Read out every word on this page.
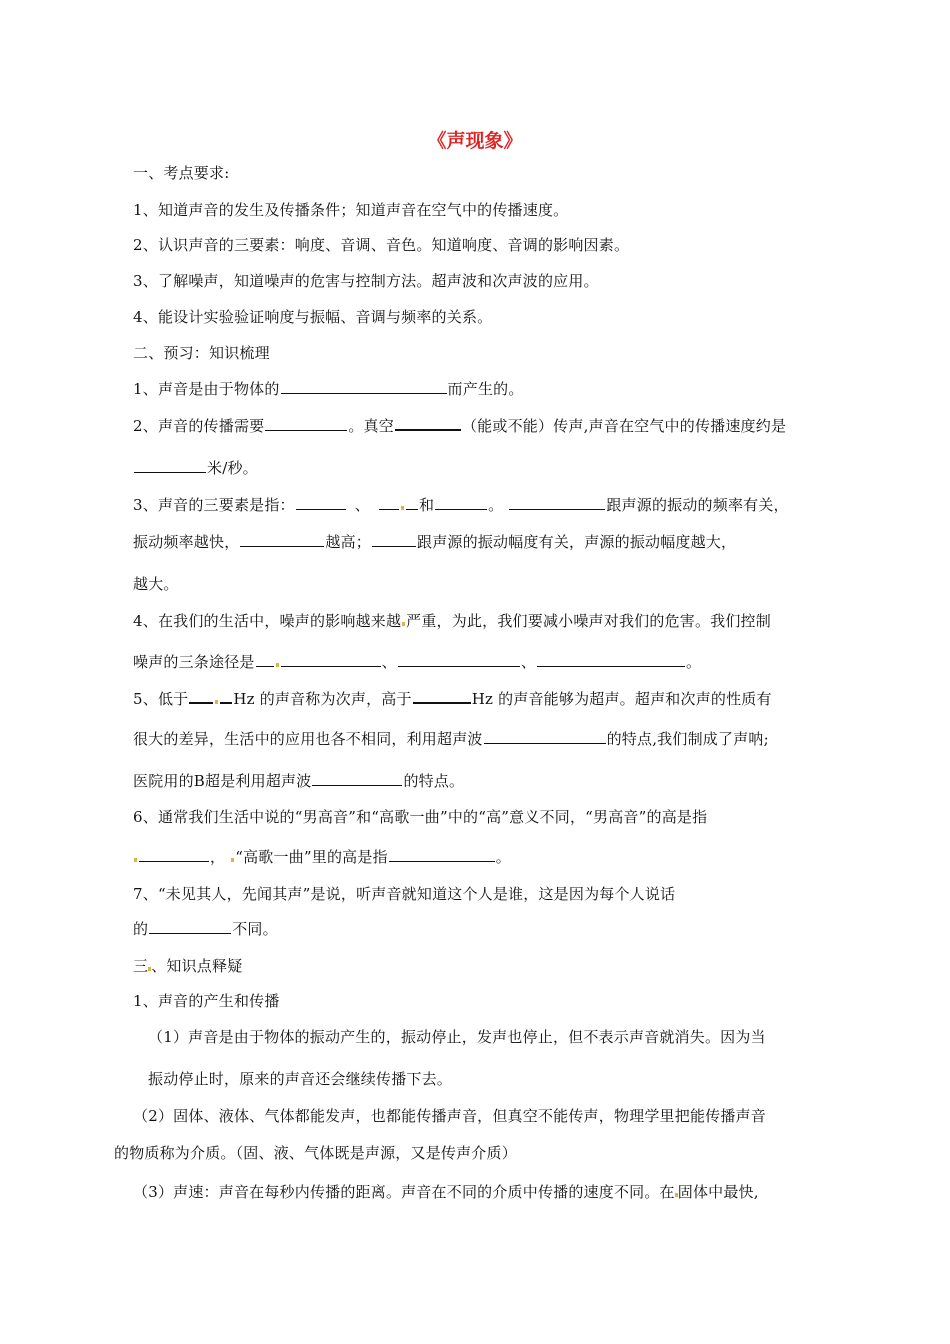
《声现象》
一、考点要求:
1、知道声音的发生及传播条件；知道声音在空气中的传播速度。
2、认识声音的三要素：响度、音调、音色。知道响度、音调的影响因素。
3、了解噪声，知道噪声的危害与控制方法。超声波和次声波的应用。
4、能设计实验验证响度与振幅、音调与频率的关系。
二、预习：知识梳理
1、声音是由于物体的	而产生的。
2、声音的传播需要	。真空	（能或不能）传声,声音在空气中的传播速度约是
米/秒。
3、声音的三要素是指：	、	和	。	跟声源的振动的频率有关，
振动频率越快，	越高；	跟声源的振动幅度有关，声源的振动幅度越大，
越大。
4、在我们的生活中，噪声的影响越来越 严重，为此，我们要减小噪声对我们的危害。我们控制
噪声的三条途径是	、	、	。
5、低于	Hz 的声音称为次声，高于	Hz 的声音能够为超声。超声和次声的性质有
很大的差异，生活中的应用也各不相同，利用超声波	的特点,我们制成了声呐;
医院用的B超是利用超声波	的特点。
6、通常我们生活中说的“男高音”和“高歌一曲”中的“高”意义不同，“男高音”的高是指
， “高歌一曲”里的高是指	。
7、“未见其人，先闻其声”是说，听声音就知道这个人是谁，这是因为每个人说话
的	不同。
三 、知识点释疑
1、声音的产生和传播
（1）声音是由于物体的振动产生的，振动停止，发声也停止，但不表示声音就消失。因为当
振动停止时，原来的声音还会继续传播下去。
（2）固体、液体、气体都能发声，也都能传播声音，但真空不能传声，物理学里把能传播声音
的物质称为介质。（固、液、气体既是声源，又是传声介质）
（3）声速：声音在每秒内传播的距离。声音在不同的介质中传播的速度不同。在 固体中最快,
